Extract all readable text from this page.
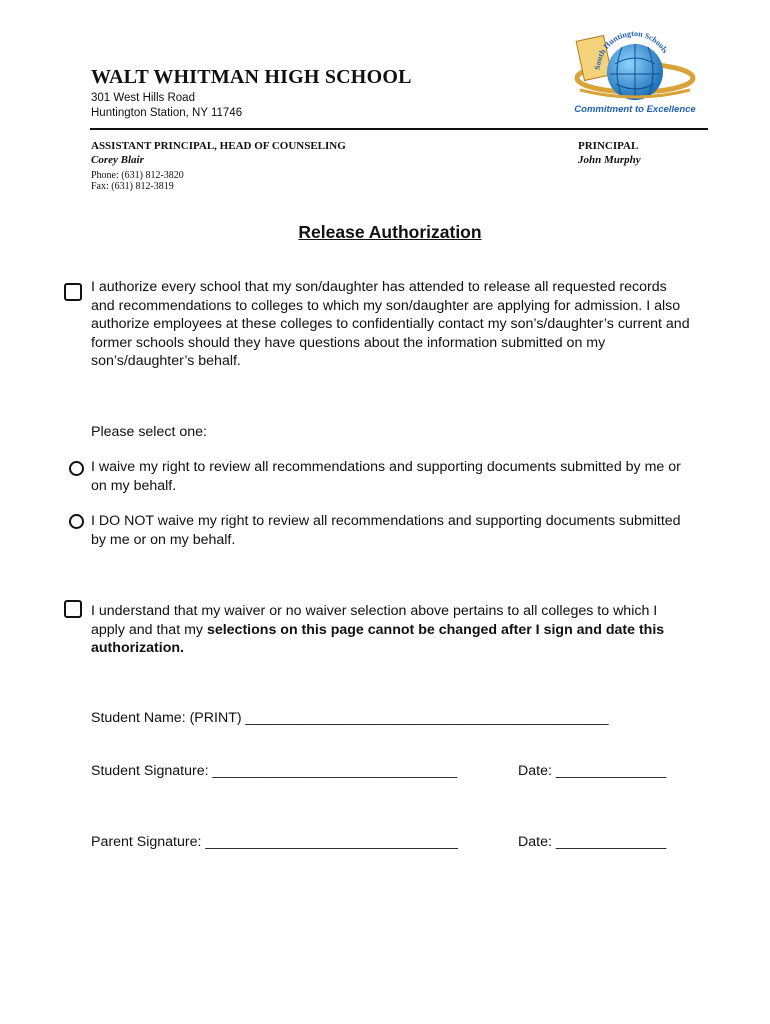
WALT WHITMAN HIGH SCHOOL
301 West Hills Road
Huntington Station, NY 11746
South Huntington Schools
Commitment to Excellence
ASSISTANT PRINCIPAL, HEAD OF COUNSELING
Corey Blair
Phone: (631) 812-3820
Fax: (631) 812-3819
PRINCIPAL
John Murphy
Release Authorization

I authorize every school that my son/daughter has attended to release all requested records and recommendations to colleges to which my son/daughter are applying for admission. I also authorize employees at these colleges to confidentially contact my son’s/daughter’s current and former schools should they have questions about the information submitted on my son’s/daughter’s behalf.

Please select one:

I waive my right to review all recommendations and supporting documents submitted by me or on my behalf.

I DO NOT waive my right to review all recommendations and supporting documents submitted by me or on my behalf.

I understand that my waiver or no waiver selection above pertains to all colleges to which I apply and that my selections on this page cannot be changed after I sign and date this authorization.

Student Name: (PRINT) ______________________________________________
Student Signature: _______________________________	Date: ______________
Parent Signature: ________________________________	Date: ______________
